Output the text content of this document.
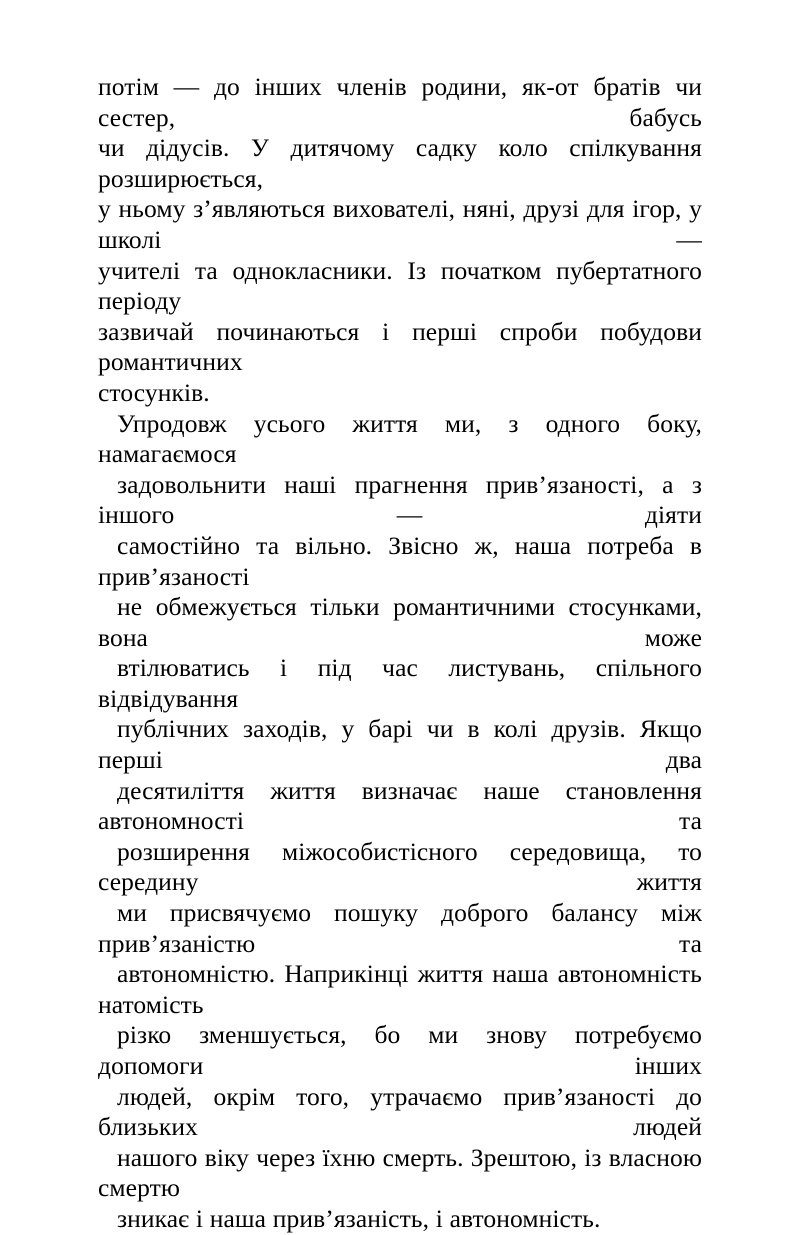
потім — до інших членів родини, як-от братів чи сестер, бабусь
чи дідусів. У дитячому садку коло спілкування розширюється,
у ньому з’являються вихователі, няні, друзі для ігор, у школі —
учителі та однокласники. Із початком пубертатного періоду
зазвичай починаються і перші спроби побудови романтичних
стосунків.

Упродовж усього життя ми, з одного боку, намагаємося
задовольнити наші прагнення прив’язаності, а з іншого — діяти
самостійно та вільно. Звісно ж, наша потреба в прив’язаності
не обмежується тільки романтичними стосунками, вона може
втілюватись і під час листувань, спільного відвідування
публічних заходів, у барі чи в колі друзів. Якщо перші два
десятиліття життя визначає наше становлення автономності та
розширення міжособистісного середовища, то середину життя
ми присвячуємо пошуку доброго балансу між прив’язаністю та
автономністю. Наприкінці життя наша автономність натомість
різко зменшується, бо ми знову потребуємо допомоги інших
людей, окрім того, утрачаємо прив’язаності до близьких людей
нашого віку через їхню смерть. Зрештою, із власною смертю
зникає і наша прив’язаність, і автономність.
